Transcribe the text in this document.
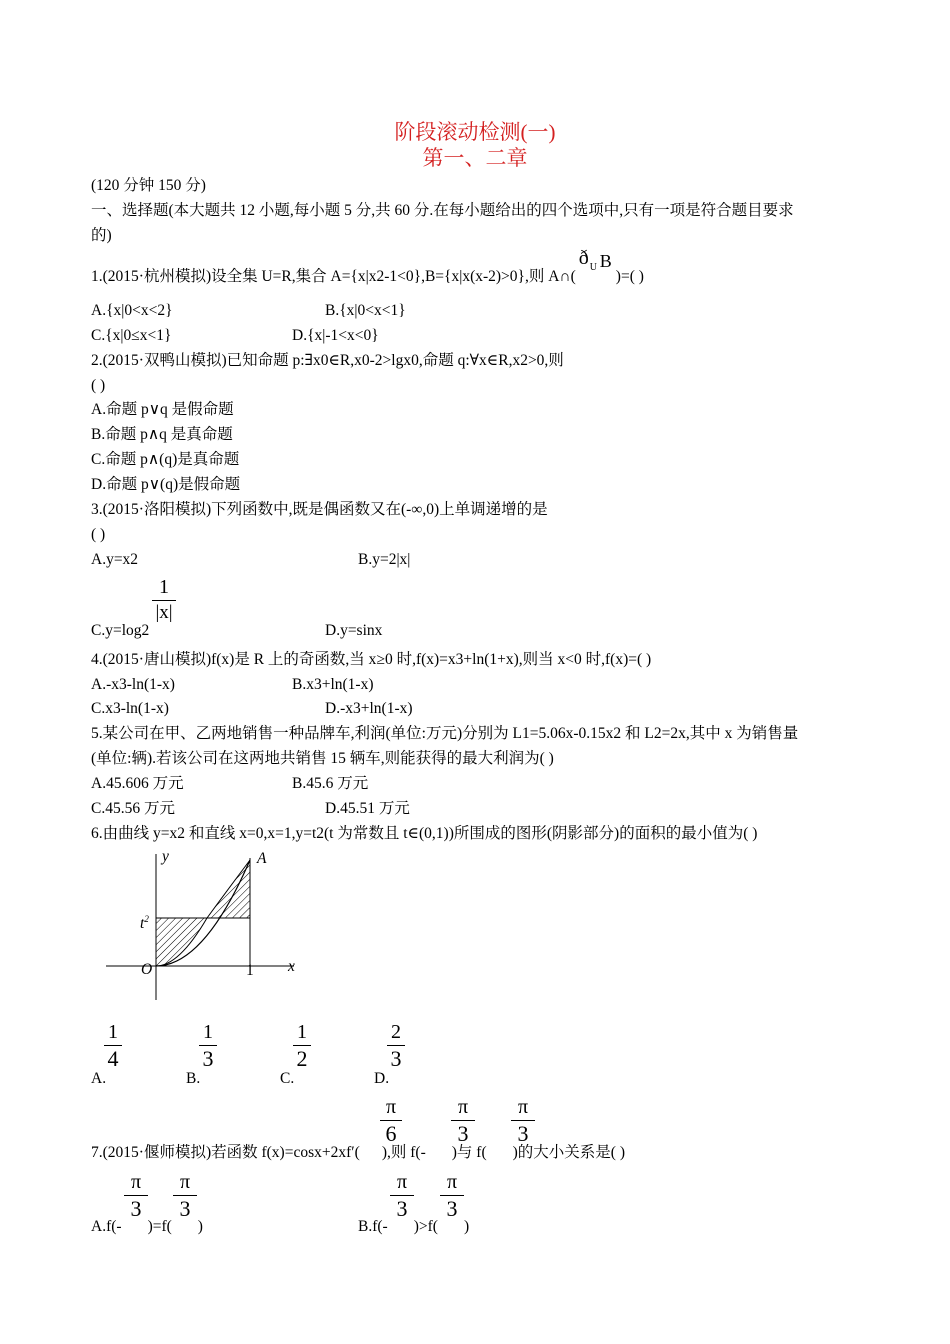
阶段滚动检测(一)
第一、二章
(120 分钟 150 分)
一、选择题(本大题共 12 小题,每小题 5 分,共 60 分.在每小题给出的四个选项中,只有一项是符合题目要求
的)
1.(2015·杭州模拟)设全集 U=R,集合 A={x|x2-1<0},B={x|x(x-2)>0},则 A∩(
ð U B
)=( )
A.{x|0<x<2}	B.{x|0<x<1}
C.{x|0≤x<1}	D.{x|-1<x<0}
2.(2015·双鸭山模拟)已知命题 p:∃x0∈R,x0-2>lgx0,命题 q:∀x∈R,x2>0,则
( )
A.命题 p∨q 是假命题
B.命题 p∧q 是真命题
C.命题 p∧(q)是真命题
D.命题 p∨(q)是假命题
3.(2015·洛阳模拟)下列函数中,既是偶函数又在(-∞,0)上单调递增的是
( )
A.y=x2	B.y=2|x|
C.y=log2
1
|x|
D.y=sinx
4.(2015·唐山模拟)f(x)是 R 上的奇函数,当 x≥0 时,f(x)=x3+ln(1+x),则当 x<0 时,f(x)=( )
A.-x3-ln(1-x)	B.x3+ln(1-x)
C.x3-ln(1-x)	D.-x3+ln(1-x)
5.某公司在甲、乙两地销售一种品牌车,利润(单位:万元)分别为 L1=5.06x-0.15x2 和 L2=2x,其中 x 为销售量
(单位:辆).若该公司在这两地共销售 15 辆车,则能获得的最大利润为( )
A.45.606 万元	B.45.6 万元
C.45.56 万元	D.45.51 万元
6.由曲线 y=x2 和直线 x=0,x=1,y=t2(t 为常数且 t∈(0,1))所围成的图形(阴影部分)的面积的最小值为( )
y	A
$t^2$
O	1 x
A.
1
4
B.
1
3
C.
1
2
D.
2
3
7.(2015·偃师模拟)若函数 f(x)=cosx+2xf′( ),则 f(- )与 f( )的大小关系是( )
π
6
π
3
π
3
A.f(- )=f( )
π
3
π
3
B.f(- )>f( )
π
3
π
3
